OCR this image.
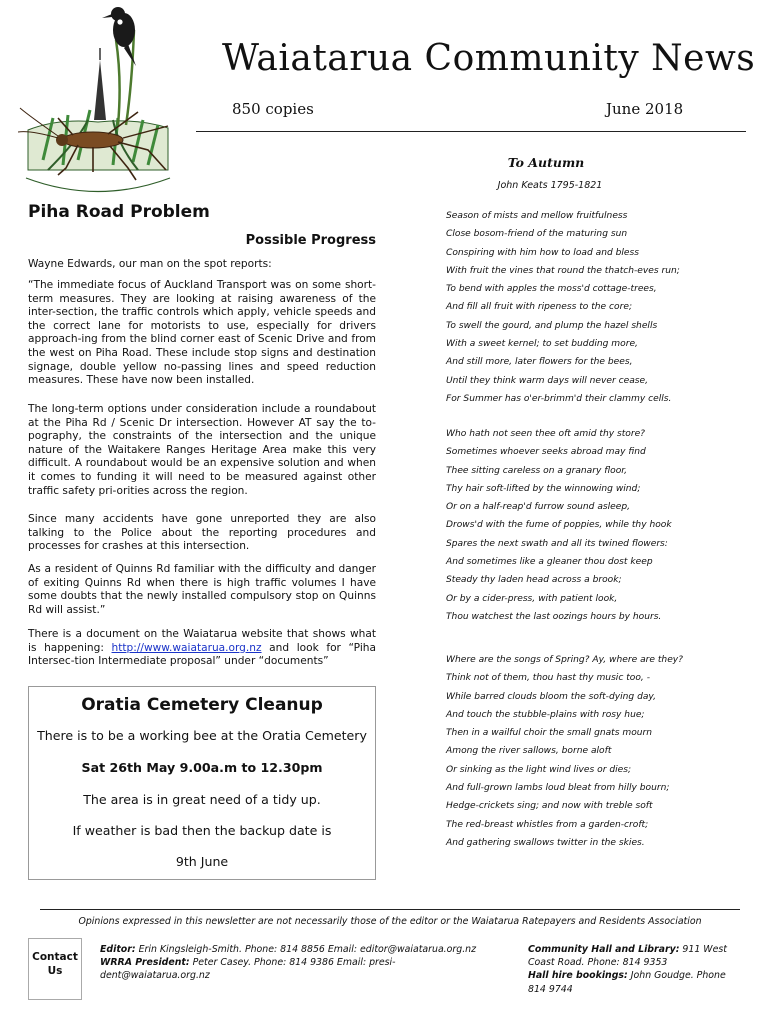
Waiatarua Community News
850 copies	June 2018
Piha Road Problem
Possible Progress

Wayne Edwards, our man on the spot reports:

“The immediate focus of Auckland Transport was on some short-term measures. They are looking at raising awareness of the inter-section, the traffic controls which apply, vehicle speeds and the correct lane for motorists to use, especially for drivers approach-ing from the blind corner east of Scenic Drive and from the west on Piha Road. These include stop signs and destination signage, double yellow no-passing lines and speed reduction measures. These have now been installed.

The long-term options under consideration include a roundabout at the Piha Rd / Scenic Dr intersection. However AT say the to-pography, the constraints of the intersection and the unique nature of the Waitakere Ranges Heritage Area make this very difficult. A roundabout would be an expensive solution and when it comes to funding it will need to be measured against other traffic safety pri-orities across the region.

Since many accidents have gone unreported they are also talking to the Police about the reporting procedures and processes for crashes at this intersection.

As a resident of Quinns Rd familiar with the difficulty and danger of exiting Quinns Rd when there is high traffic volumes I have some doubts that the newly installed compulsory stop on Quinns Rd will assist.”

There is a document on the Waiatarua website that shows what is happening: http://www.waiatarua.org.nz and look for “Piha Intersec-tion Intermediate proposal” under “documents”

Oratia Cemetery Cleanup
There is to be a working bee at the Oratia Cemetery
Sat 26th May 9.00a.m to 12.30pm
The area is in great need of a tidy up.
If weather is bad then the backup date is
9th June
To Autumn
John Keats 1795-1821
Season of mists and mellow fruitfulness
Close bosom-friend of the maturing sun
Conspiring with him how to load and bless
With fruit the vines that round the thatch-eves run;
To bend with apples the moss'd cottage-trees,
And fill all fruit with ripeness to the core;
To swell the gourd, and plump the hazel shells
With a sweet kernel; to set budding more,
And still more, later flowers for the bees,
Until they think warm days will never cease,
For Summer has o'er-brimm'd their clammy cells.
Who hath not seen thee oft amid thy store?
Sometimes whoever seeks abroad may find
Thee sitting careless on a granary floor,
Thy hair soft-lifted by the winnowing wind;
Or on a half-reap'd furrow sound asleep,
Drows'd with the fume of poppies, while thy hook
Spares the next swath and all its twined flowers:
And sometimes like a gleaner thou dost keep
Steady thy laden head across a brook;
Or by a cider-press, with patient look,
Thou watchest the last oozings hours by hours.
Where are the songs of Spring? Ay, where are they?
Think not of them, thou hast thy music too, -
While barred clouds bloom the soft-dying day,
And touch the stubble-plains with rosy hue;
Then in a wailful choir the small gnats mourn
Among the river sallows, borne aloft
Or sinking as the light wind lives or dies;
And full-grown lambs loud bleat from hilly bourn;
Hedge-crickets sing; and now with treble soft
The red-breast whistles from a garden-croft;
And gathering swallows twitter in the skies.
Opinions expressed in this newsletter are not necessarily those of the editor or the Waiatarua Ratepayers and Residents Association
Contact
Us
Editor: Erin Kingsleigh-Smith. Phone: 814 8856 Email: editor@waiatarua.org.nz
WRRA President: Peter Casey. Phone: 814 9386 Email: presi-dent@waiatarua.org.nz
Community Hall and Library: 911 West Coast Road. Phone: 814 9353
Hall hire bookings: John Goudge. Phone 814 9744
